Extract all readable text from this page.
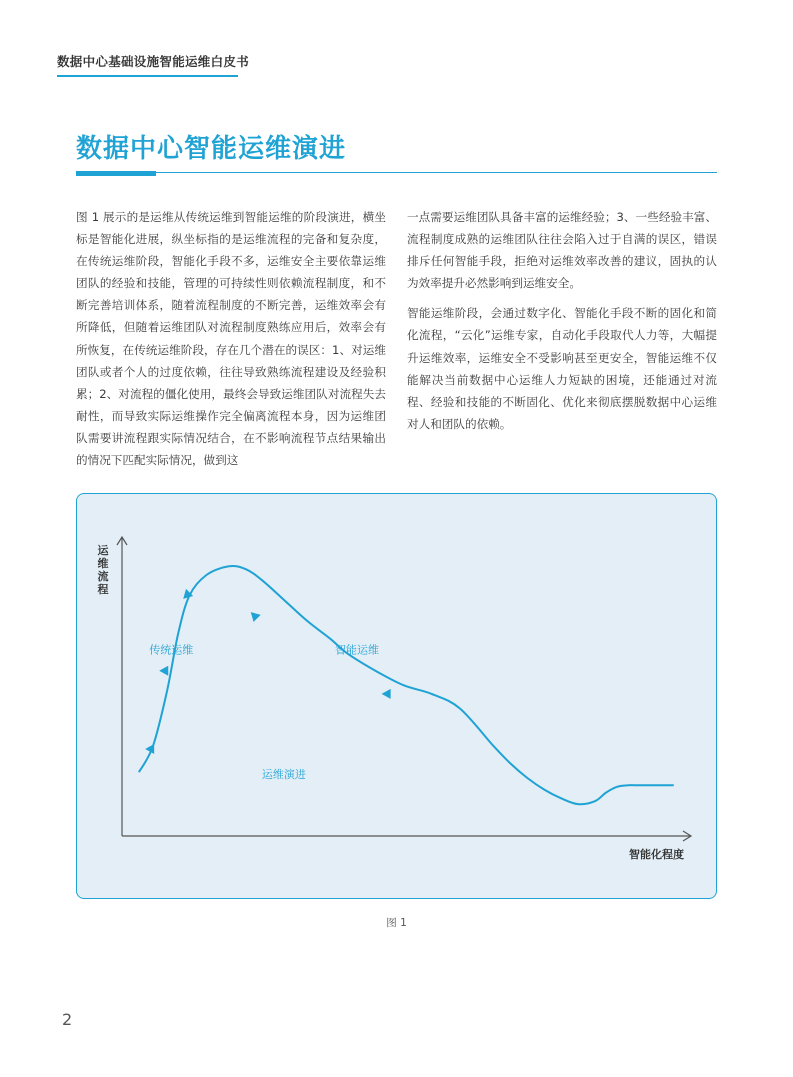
数据中心基础设施智能运维白皮书
数据中心智能运维演进

图 1 展示的是运维从传统运维到智能运维的阶段演进，横坐标是智能化进展，纵坐标指的是运维流程的完备和复杂度，在传统运维阶段，智能化手段不多，运维安全主要依靠运维团队的经验和技能，管理的可持续性则依赖流程制度，和不断完善培训体系，随着流程制度的不断完善，运维效率会有所降低，但随着运维团队对流程制度熟练应用后，效率会有所恢复，在传统运维阶段，存在几个潜在的误区：1、对运维团队或者个人的过度依赖，往往导致熟练流程建设及经验积累；2、对流程的僵化使用，最终会导致运维团队对流程失去耐性，而导致实际运维操作完全偏离流程本身，因为运维团队需要讲流程跟实际情况结合，在不影响流程节点结果输出的情况下匹配实际情况，做到这

一点需要运维团队具备丰富的运维经验；3、一些经验丰富、流程制度成熟的运维团队往往会陷入过于自满的误区，错误排斥任何智能手段，拒绝对运维效率改善的建议，固执的认为效率提升必然影响到运维安全。

智能运维阶段，会通过数字化、智能化手段不断的固化和简化流程，“云化”运维专家，自动化手段取代人力等，大幅提升运维效率，运维安全不受影响甚至更安全，智能运维不仅能解决当前数据中心运维人力短缺的困境，还能通过对流程、经验和技能的不断固化、优化来彻底摆脱数据中心运维对人和团队的依赖。

运维流程
智能化程度
传统运维	智能运维
运维演进
图 1
2
